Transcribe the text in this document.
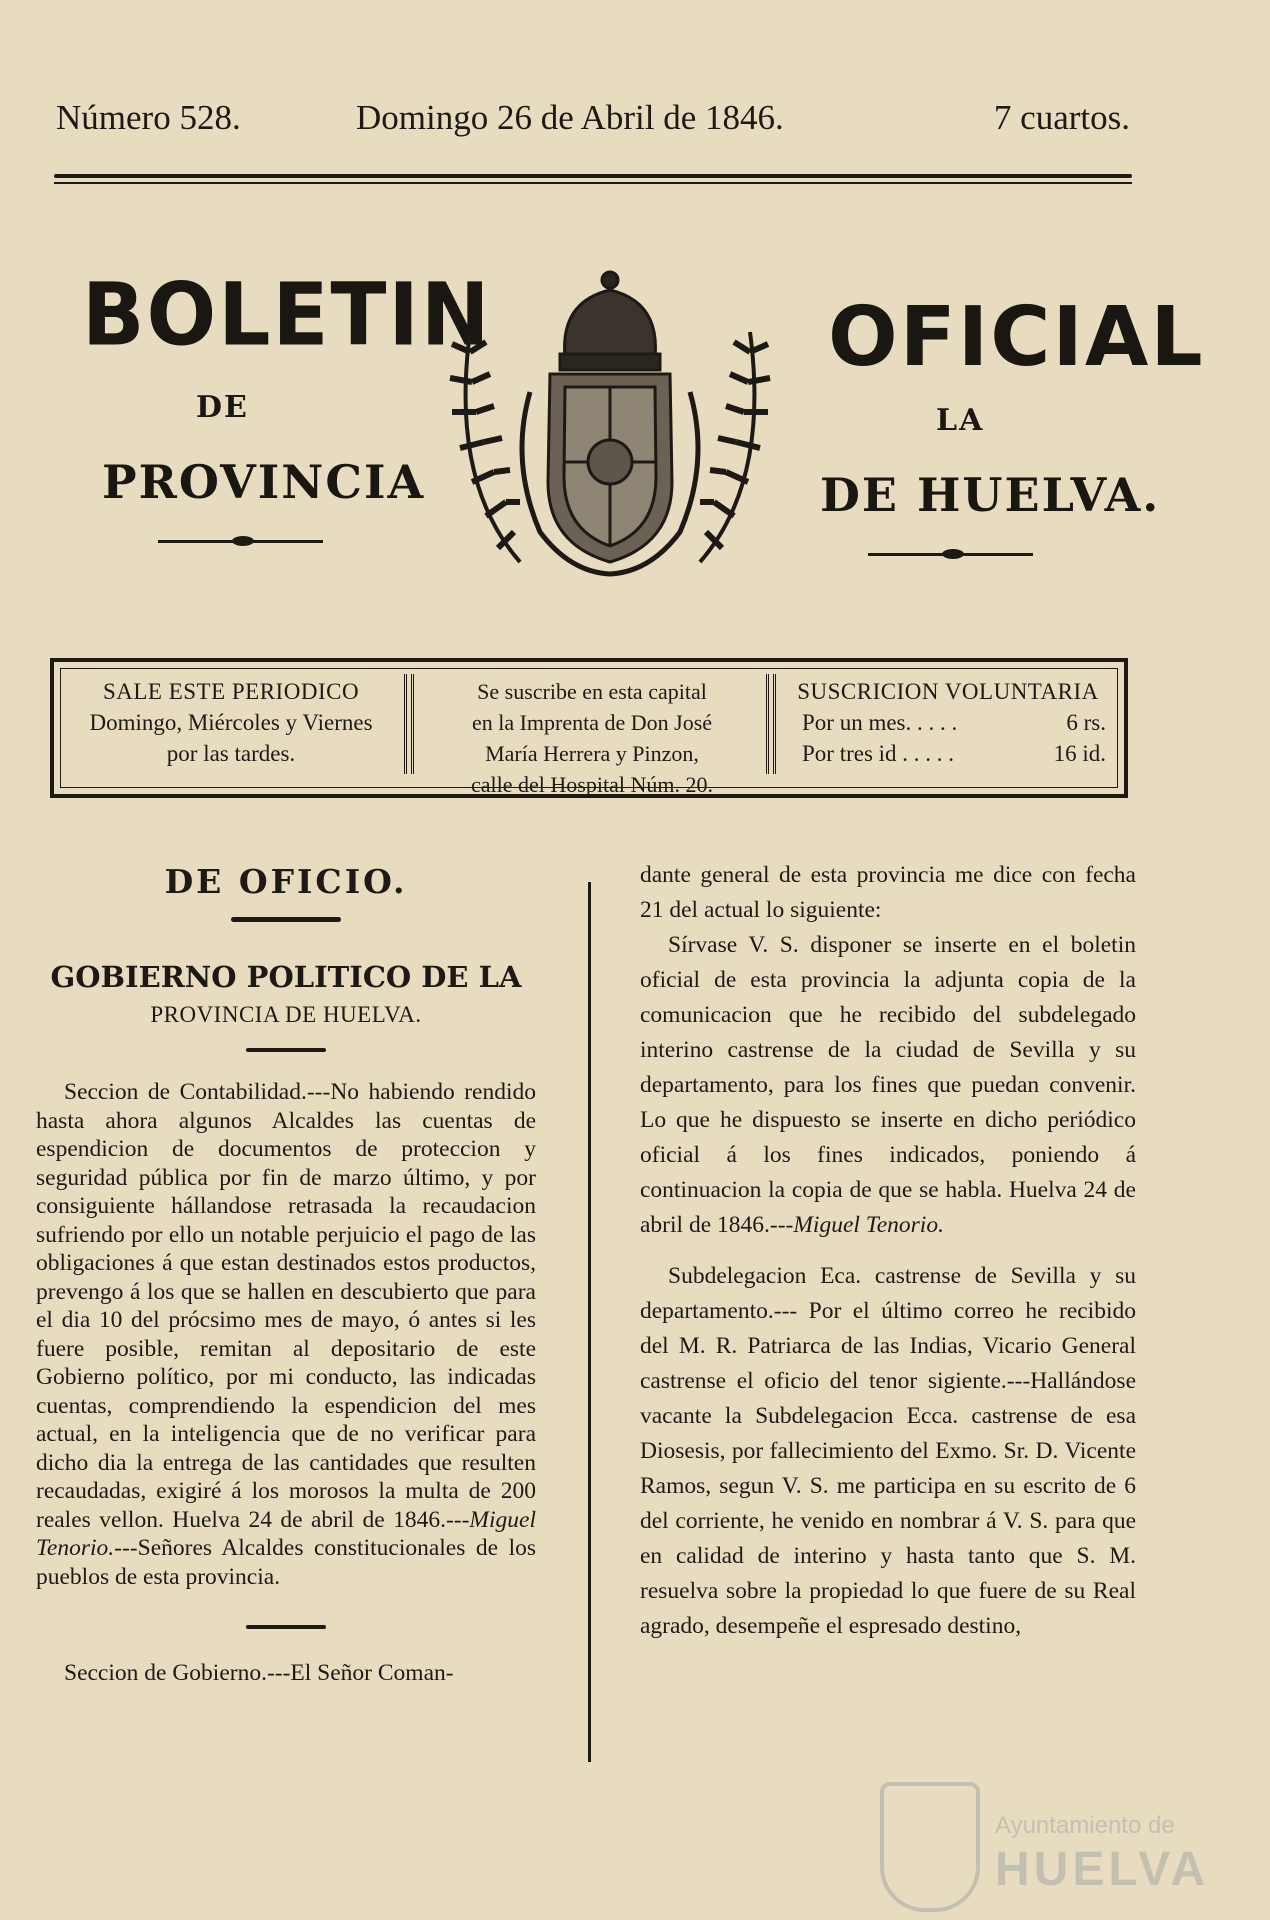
Número 528.	Domingo 26 de Abril de 1846.	7 cuartos.
BOLETIN	OFICIAL
DE	LA
PROVINCIA	DE HUELVA.
SALE ESTE PERIODICO
Domingo, Miércoles y Viernes
por las tardes.
Se suscribe en esta capital
en la Imprenta de Don José
María Herrera y Pinzon,
calle del Hospital Núm. 20.
SUSCRICION VOLUNTARIA
Por un mes. . . . .	6 rs.
Por tres id . . . . .	16 id.
DE OFICIO.
GOBIERNO POLITICO DE LA
PROVINCIA DE HUELVA.

Seccion de Contabilidad.---No habiendo rendido hasta ahora algunos Alcaldes las cuentas de espendicion de documentos de proteccion y seguridad pública por fin de marzo último, y por consiguiente hállandose retrasada la recaudacion sufriendo por ello un notable perjuicio el pago de las obligaciones á que estan destinados estos productos, prevengo á los que se hallen en descubierto que para el dia 10 del prócsimo mes de mayo, ó antes si les fuere posible, remitan al depositario de este Gobierno político, por mi conducto, las indicadas cuentas, comprendiendo la espendicion del mes actual, en la inteligencia que de no verificar para dicho dia la entrega de las cantidades que resulten recaudadas, exigiré á los morosos la multa de 200 reales vellon. Huelva 24 de abril de 1846.---Miguel Tenorio.---Señores Alcaldes constitucionales de los pueblos de esta provincia.

Seccion de Gobierno.---El Señor Coman-

dante general de esta provincia me dice con fecha 21 del actual lo siguiente:

Sírvase V. S. disponer se inserte en el boletin oficial de esta provincia la adjunta copia de la comunicacion que he recibido del subdelegado interino castrense de la ciudad de Sevilla y su departamento, para los fines que puedan convenir. Lo que he dispuesto se inserte en dicho periódico oficial á los fines indicados, poniendo á continuacion la copia de que se habla. Huelva 24 de abril de 1846.---Miguel Tenorio.

Subdelegacion Eca. castrense de Sevilla y su departamento.--- Por el último correo he recibido del M. R. Patriarca de las Indias, Vicario General castrense el oficio del tenor sigiente.---Hallándose vacante la Subdelegacion Ecca. castrense de esa Diosesis, por fallecimiento del Exmo. Sr. D. Vicente Ramos, segun V. S. me participa en su escrito de 6 del corriente, he venido en nombrar á V. S. para que en calidad de interino y hasta tanto que S. M. resuelva sobre la propiedad lo que fuere de su Real agrado, desempeñe el espresado destino,

Ayuntamiento de
HUELVA
